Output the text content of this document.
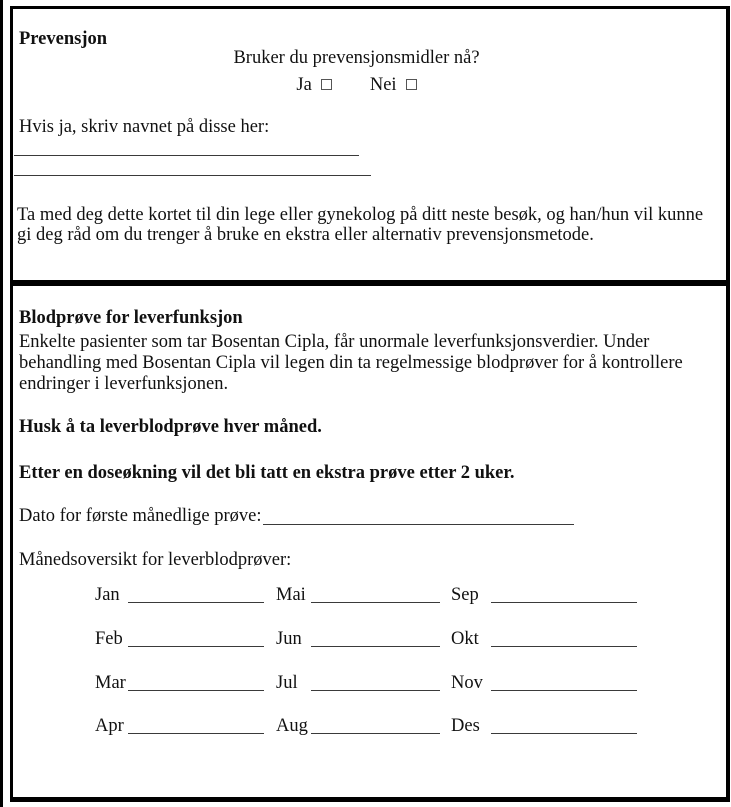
Prevensjon
Bruker du prevensjonsmidler nå?
Ja	Nei
Hvis ja, skriv navnet på disse her:
Ta med deg dette kortet til din lege eller gynekolog på ditt neste besøk, og han/hun vil kunne
gi deg råd om du trenger å bruke en ekstra eller alternativ prevensjonsmetode.
Blodprøve for leverfunksjon
Enkelte pasienter som tar Bosentan Cipla, får unormale leverfunksjonsverdier. Under
behandling med Bosentan Cipla vil legen din ta regelmessige blodprøver for å kontrollere
endringer i leverfunksjonen.
Husk å ta leverblodprøve hver måned.
Etter en doseøkning vil det bli tatt en ekstra prøve etter 2 uker.
Dato for første månedlige prøve:
Månedsoversikt for leverblodprøver:
Jan	Mai	Sep
Feb	Jun	Okt
Mar	Jul	Nov
Apr	Aug	Des
